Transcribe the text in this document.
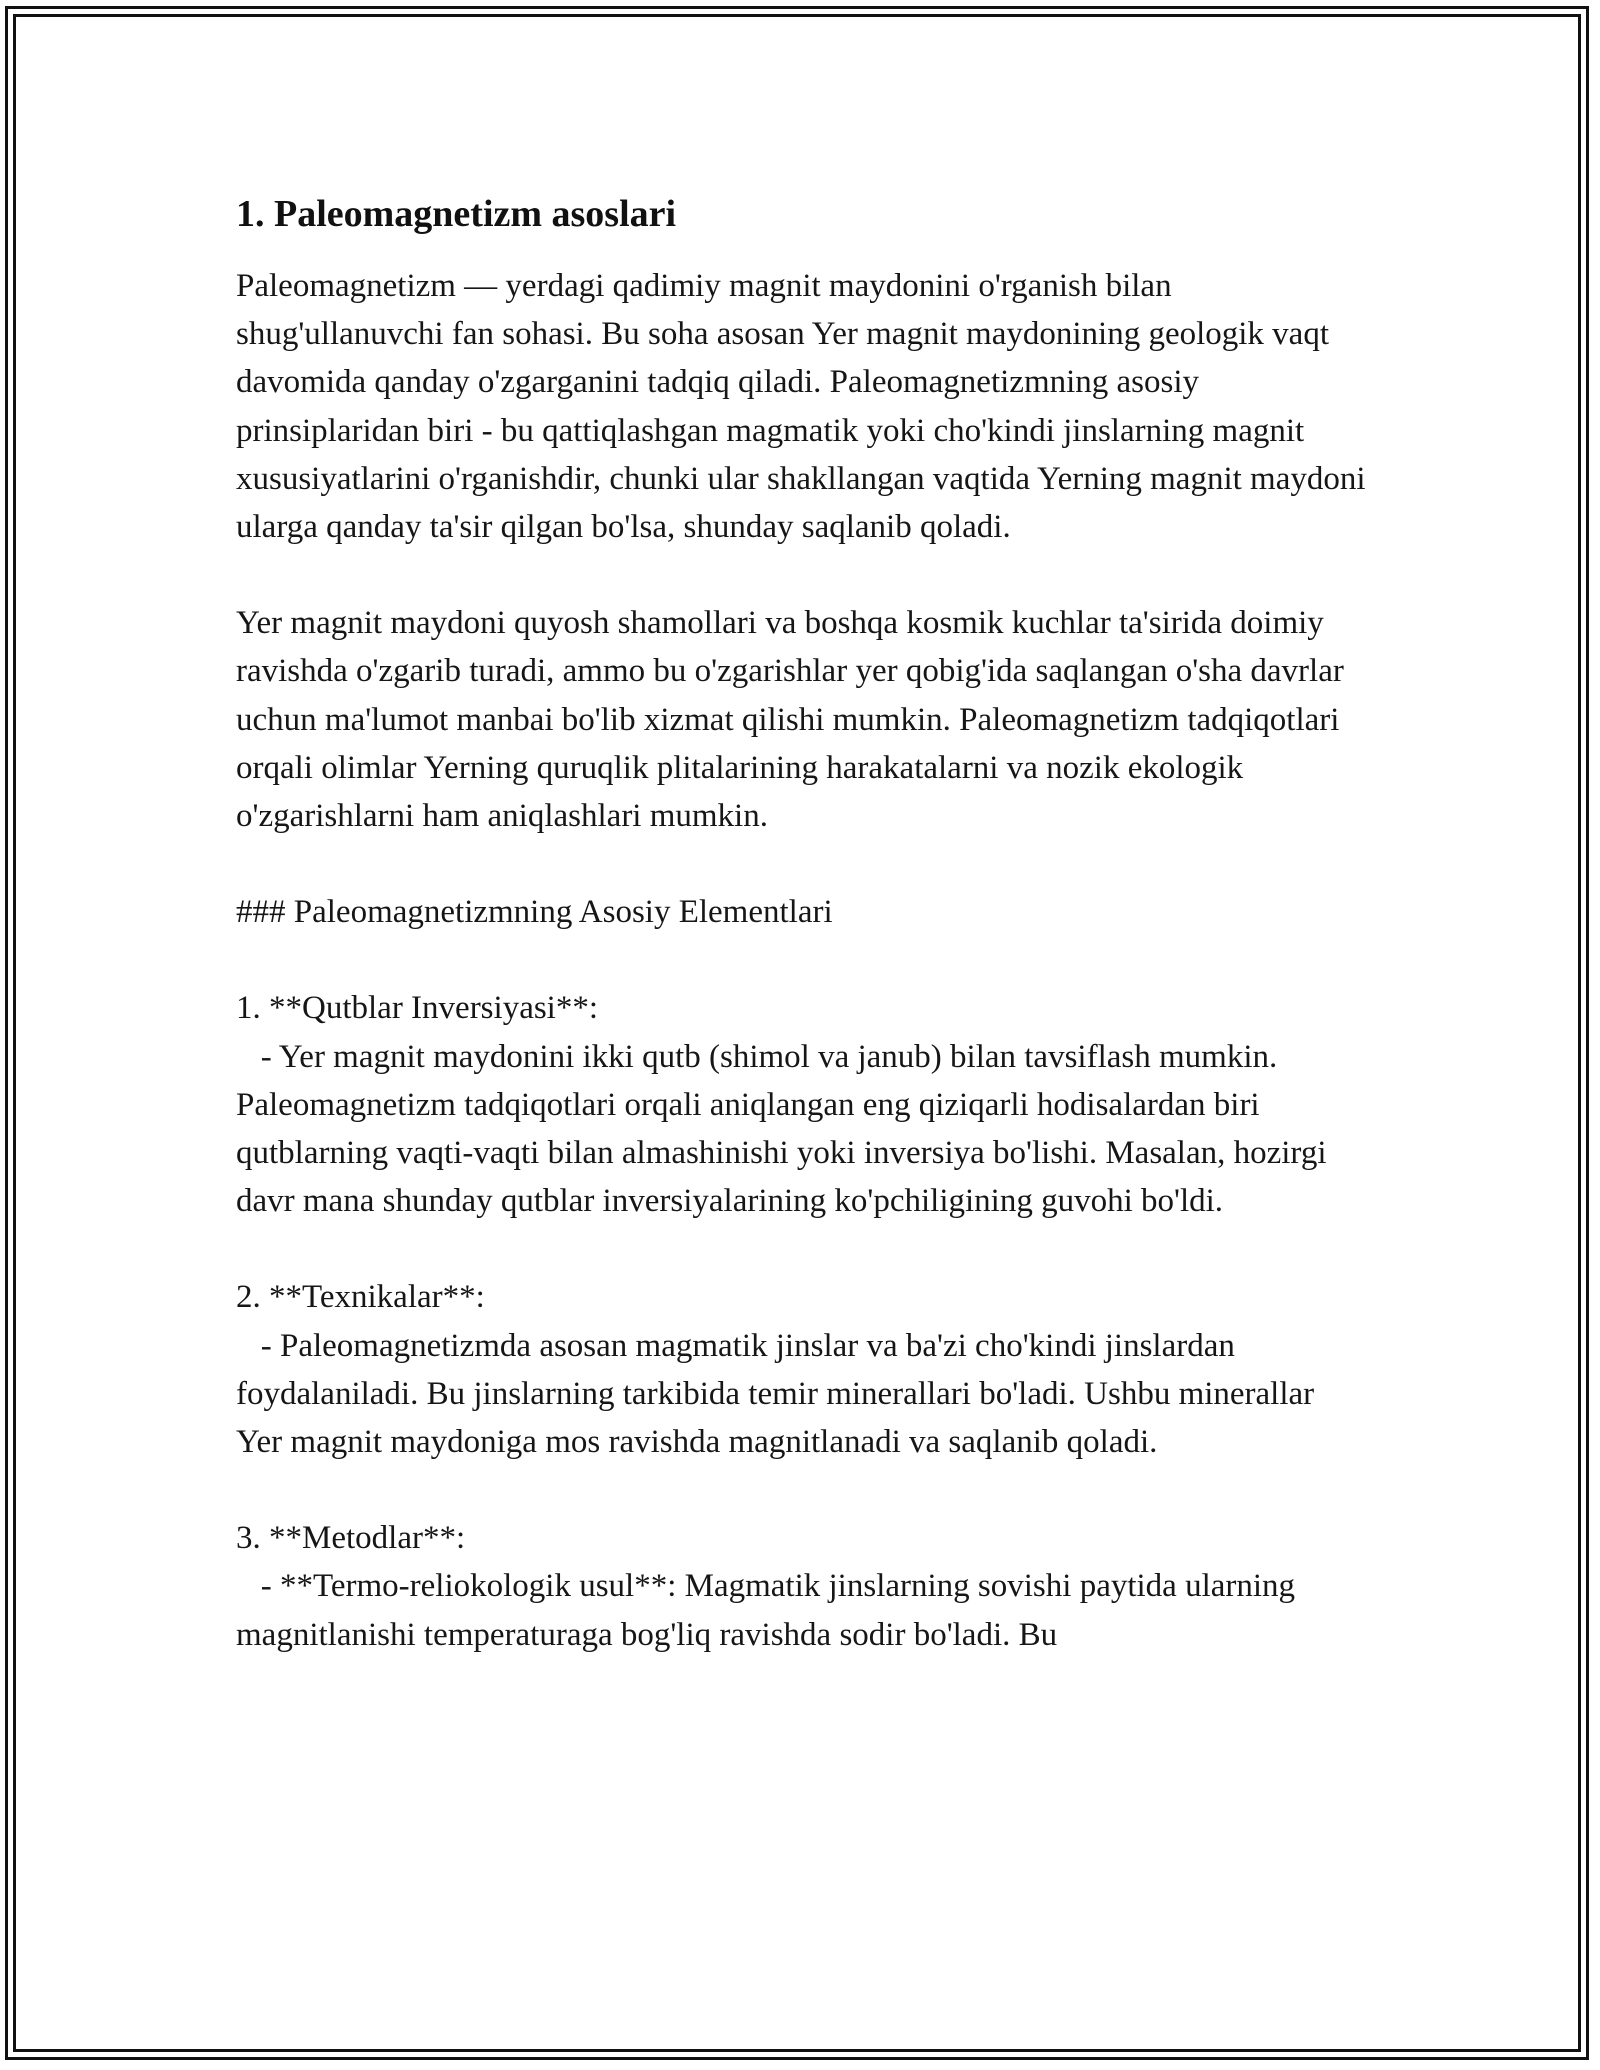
1. Paleomagnetizm asoslari

Paleomagnetizm — yerdagi qadimiy magnit maydonini o'rganish bilan shug'ullanuvchi fan sohasi. Bu soha asosan Yer magnit maydonining geologik vaqt davomida qanday o'zgarganini tadqiq qiladi. Paleomagnetizmning asosiy prinsiplaridan biri - bu qattiqlashgan magmatik yoki cho'kindi jinslarning magnit xususiyatlarini o'rganishdir, chunki ular shakllangan vaqtida Yerning magnit maydoni ularga qanday ta'sir qilgan bo'lsa, shunday saqlanib qoladi.

Yer magnit maydoni quyosh shamollari va boshqa kosmik kuchlar ta'sirida doimiy ravishda o'zgarib turadi, ammo bu o'zgarishlar yer qobig'ida saqlangan o'sha davrlar uchun ma'lumot manbai bo'lib xizmat qilishi mumkin. Paleomagnetizm tadqiqotlari orqali olimlar Yerning quruqlik plitalarining harakatalarni va nozik ekologik o'zgarishlarni ham aniqlashlari mumkin.

### Paleomagnetizmning Asosiy Elementlari

1. **Qutblar Inversiyasi**:
- Yer magnit maydonini ikki qutb (shimol va janub) bilan tavsiflash mumkin. Paleomagnetizm tadqiqotlari orqali aniqlangan eng qiziqarli hodisalardan biri qutblarning vaqti-vaqti bilan almashinishi yoki inversiya bo'lishi. Masalan, hozirgi davr mana shunday qutblar inversiyalarining ko'pchiligining guvohi bo'ldi.

2. **Texnikalar**:
- Paleomagnetizmda asosan magmatik jinslar va ba'zi cho'kindi jinslardan foydalaniladi. Bu jinslarning tarkibida temir minerallari bo'ladi. Ushbu minerallar Yer magnit maydoniga mos ravishda magnitlanadi va saqlanib qoladi.

3. **Metodlar**:
- **Termo-reliokologik usul**: Magmatik jinslarning sovishi paytida ularning magnitlanishi temperaturaga bog'liq ravishda sodir bo'ladi. Bu
